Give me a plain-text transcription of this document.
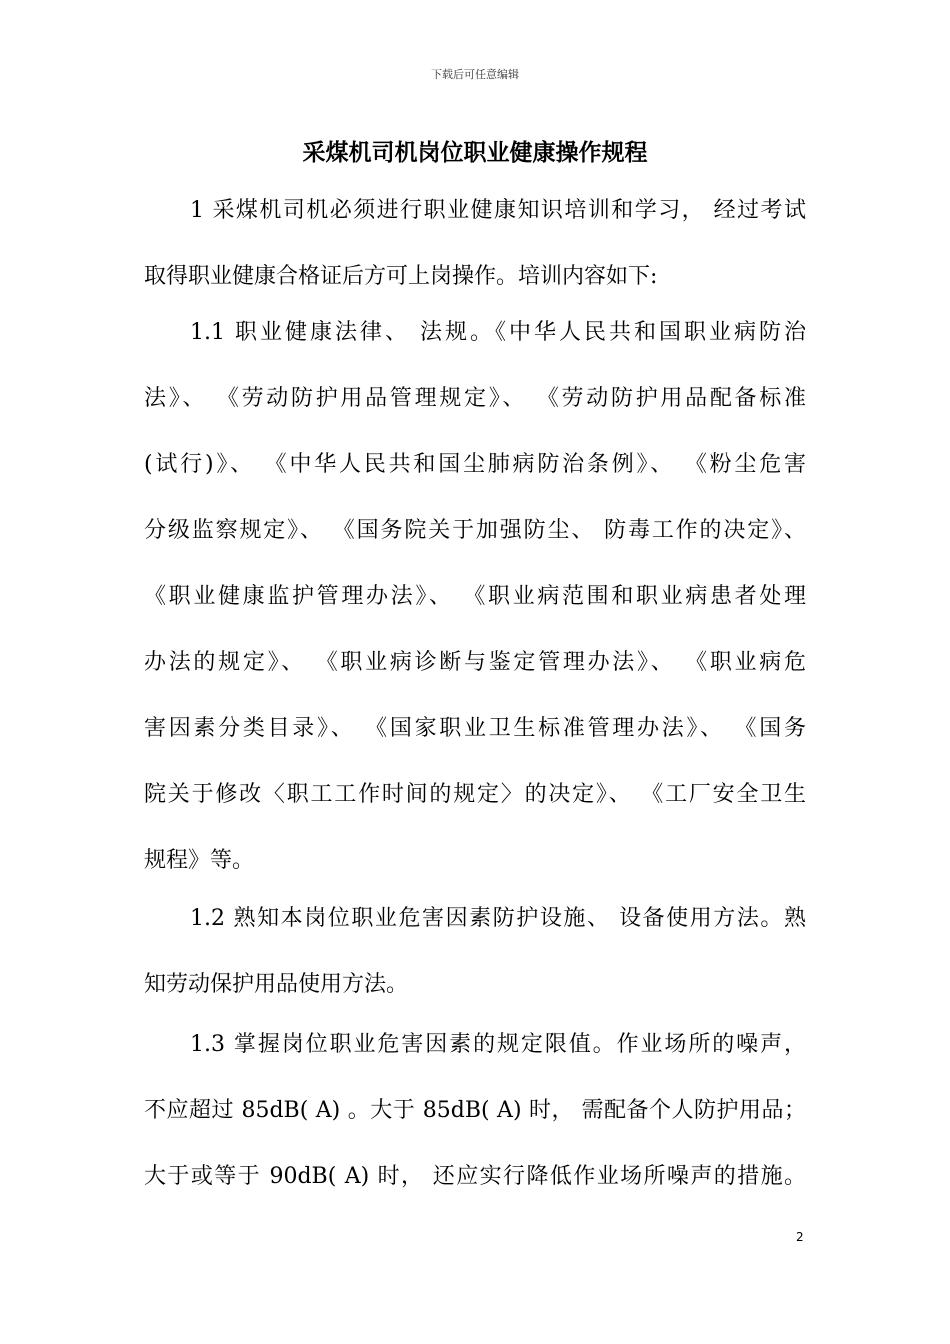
下载后可任意编辑
采煤机司机岗位职业健康操作规程
1 采煤机司机必须进行职业健康知识培训和学习， 经过考试
取得职业健康合格证后方可上岗操作。培训内容如下:
1.1 职业健康法律、 法规。《中华人民共和国职业病防治
法》、 《劳动防护用品管理规定》、 《劳动防护用品配备标准
(试行)》、 《中华人民共和国尘肺病防治条例》、 《粉尘危害
分级监察规定》、 《国务院关于加强防尘、 防毒工作的决定》、
《职业健康监护管理办法》、 《职业病范围和职业病患者处理
办法的规定》、 《职业病诊断与鉴定管理办法》、 《职业病危
害因素分类目录》、 《国家职业卫生标准管理办法》、 《国务
院关于修改〈职工工作时间的规定〉的决定》、 《工厂安全卫生
规程》等。
1.2 熟知本岗位职业危害因素防护设施、 设备使用方法。熟
知劳动保护用品使用方法。
1.3 掌握岗位职业危害因素的规定限值。作业场所的噪声，
不应超过 85dB( A) 。大于 85dB( A) 时， 需配备个人防护用品；
大于或等于 90dB( A) 时， 还应实行降低作业场所噪声的措施。
2
